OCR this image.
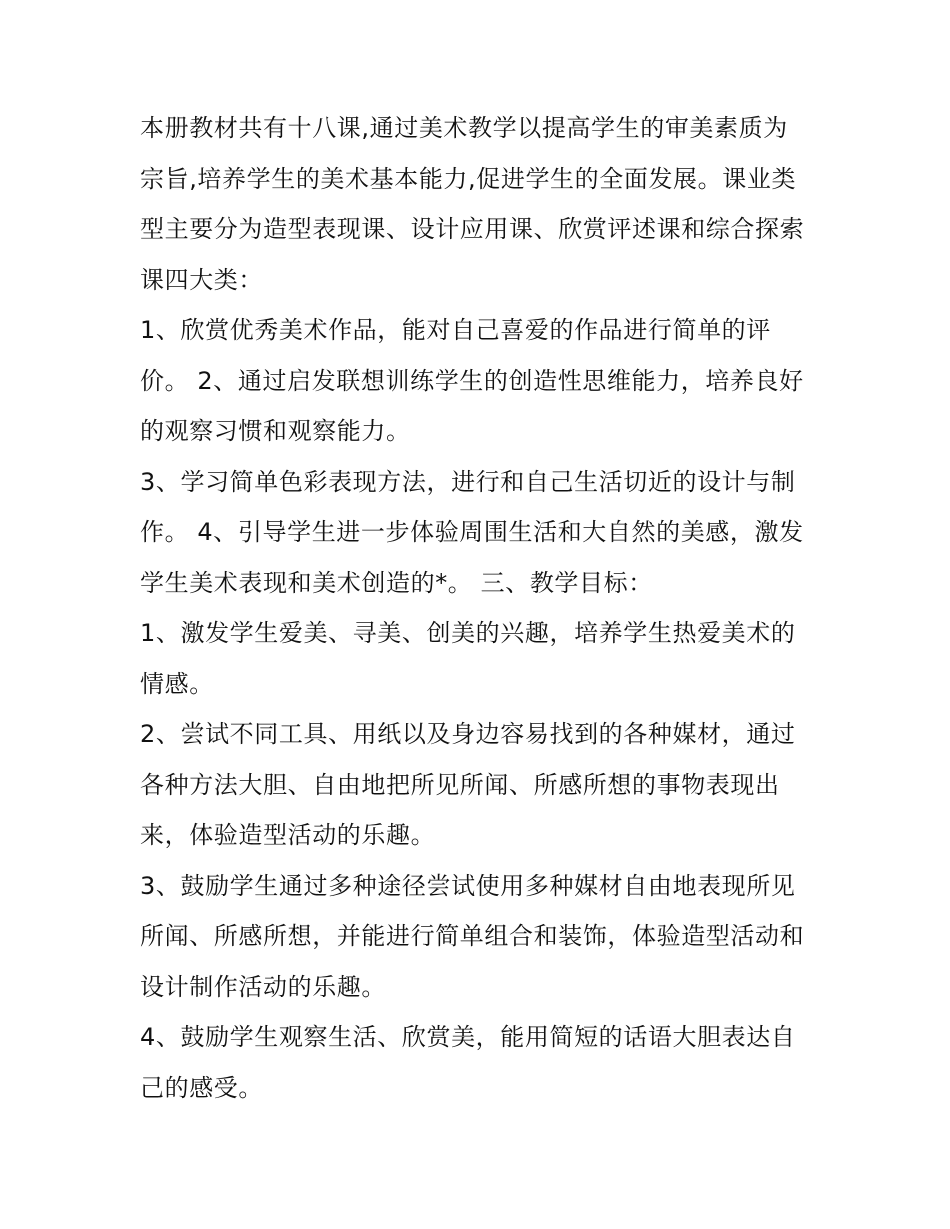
本册教材共有十八课,通过美术教学以提高学生的审美素质为
宗旨,培养学生的美术基本能力,促进学生的全面发展。课业类
型主要分为造型表现课、设计应用课、欣赏评述课和综合探索
课四大类：
1、欣赏优秀美术作品，能对自己喜爱的作品进行简单的评
价。 2、通过启发联想训练学生的创造性思维能力，培养良好
的观察习惯和观察能力。
3、学习简单色彩表现方法，进行和自己生活切近的设计与制
作。 4、引导学生进一步体验周围生活和大自然的美感，激发
学生美术表现和美术创造的*。 三、教学目标：
1、激发学生爱美、寻美、创美的兴趣，培养学生热爱美术的
情感。
2、尝试不同工具、用纸以及身边容易找到的各种媒材，通过
各种方法大胆、自由地把所见所闻、所感所想的事物表现出
来，体验造型活动的乐趣。
3、鼓励学生通过多种途径尝试使用多种媒材自由地表现所见
所闻、所感所想，并能进行简单组合和装饰，体验造型活动和
设计制作活动的乐趣。
4、鼓励学生观察生活、欣赏美，能用简短的话语大胆表达自
己的感受。
